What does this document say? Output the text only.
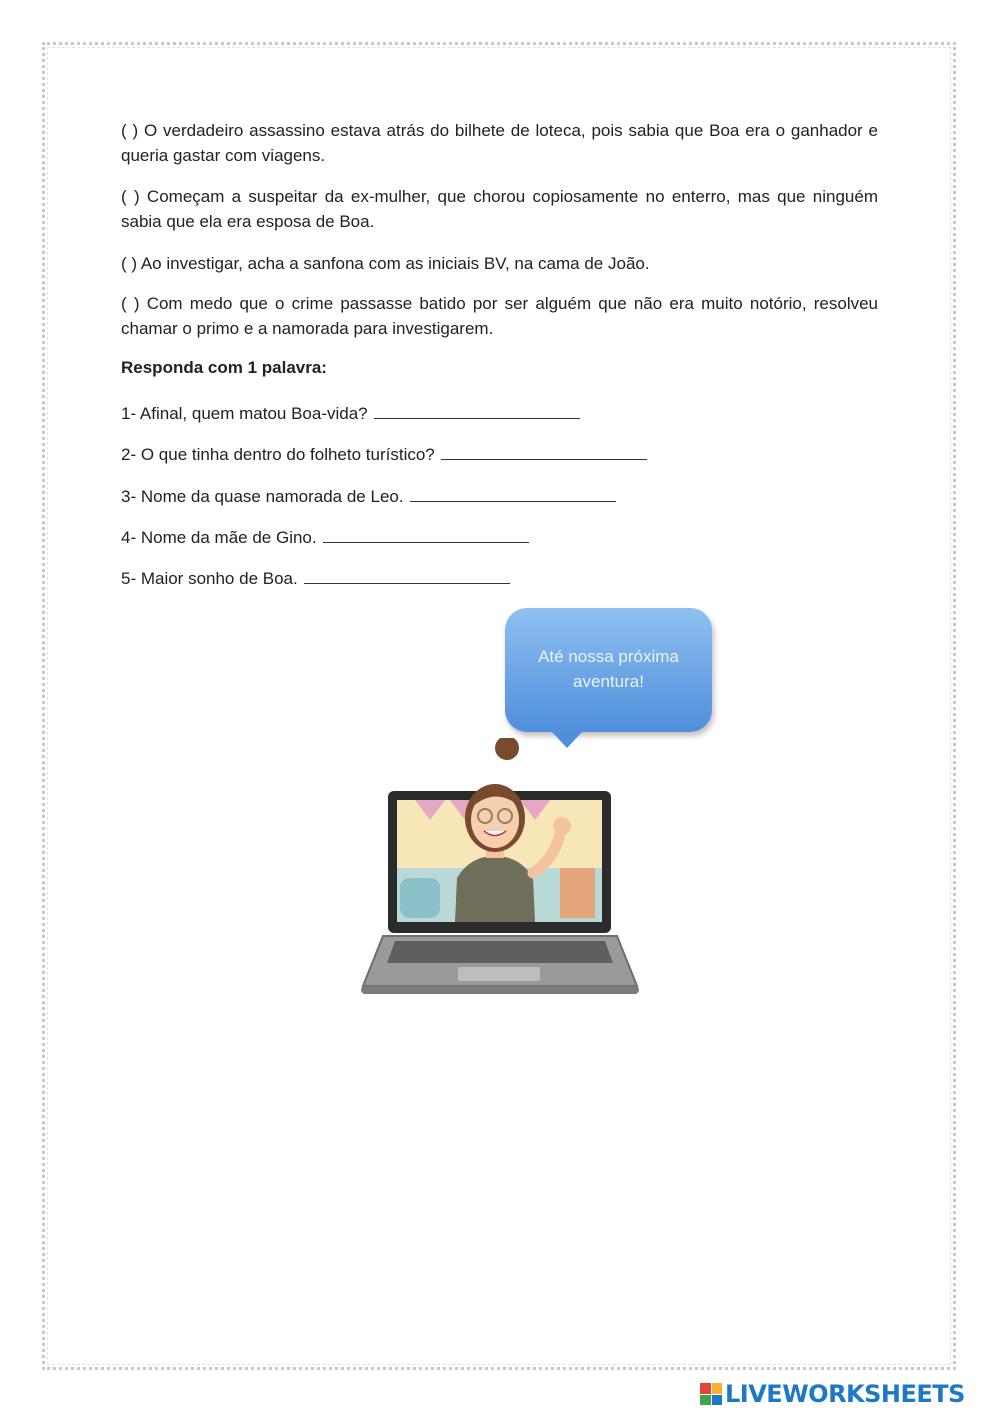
( ) O verdadeiro assassino estava atrás do bilhete de loteca, pois sabia que Boa era o ganhador e queria gastar com viagens.

( ) Começam a suspeitar da ex-mulher, que chorou copiosamente no enterro, mas que ninguém sabia que ela era esposa de Boa.

( ) Ao investigar, acha a sanfona com as iniciais BV, na cama de João.

( ) Com medo que o crime passasse batido por ser alguém que não era muito notório, resolveu chamar o primo e a namorada para investigarem.

Responda com 1 palavra:

1- Afinal, quem matou Boa-vida?

2- O que tinha dentro do folheto turístico?

3- Nome da quase namorada de Leo.

4- Nome da mãe de Gino.

5- Maior sonho de Boa.

Até nossa próxima
aventura!
LIVEWORKSHEETS
